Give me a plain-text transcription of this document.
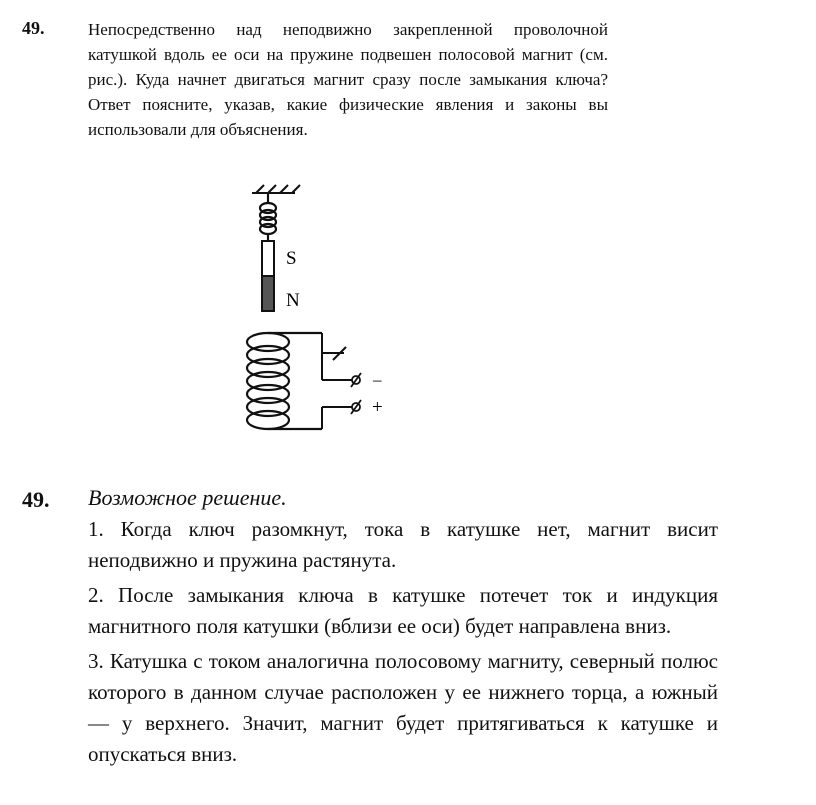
49.	Непосредственно над неподвижно закрепленной проволочной катушкой вдоль ее оси на пружине подвешен полосовой магнит (см. рис.). Куда начнет двигаться магнит сразу после замыкания ключа? Ответ поясните, указав, какие физические явления и законы вы использовали для объяснения.
S
N
–
+
49. Возможное решение.

1. Когда ключ разомкнут, тока в катушке нет, магнит висит неподвижно и пружина растянута.

2. После замыкания ключа в катушке потечет ток и индукция магнитного поля катушки (вблизи ее оси) будет направлена вниз.

3. Катушка с током аналогична полосовому магниту, северный полюс которого в данном случае расположен у ее нижнего торца, а южный — у верхнего. Значит, магнит будет притягиваться к катушке и опускаться вниз.
